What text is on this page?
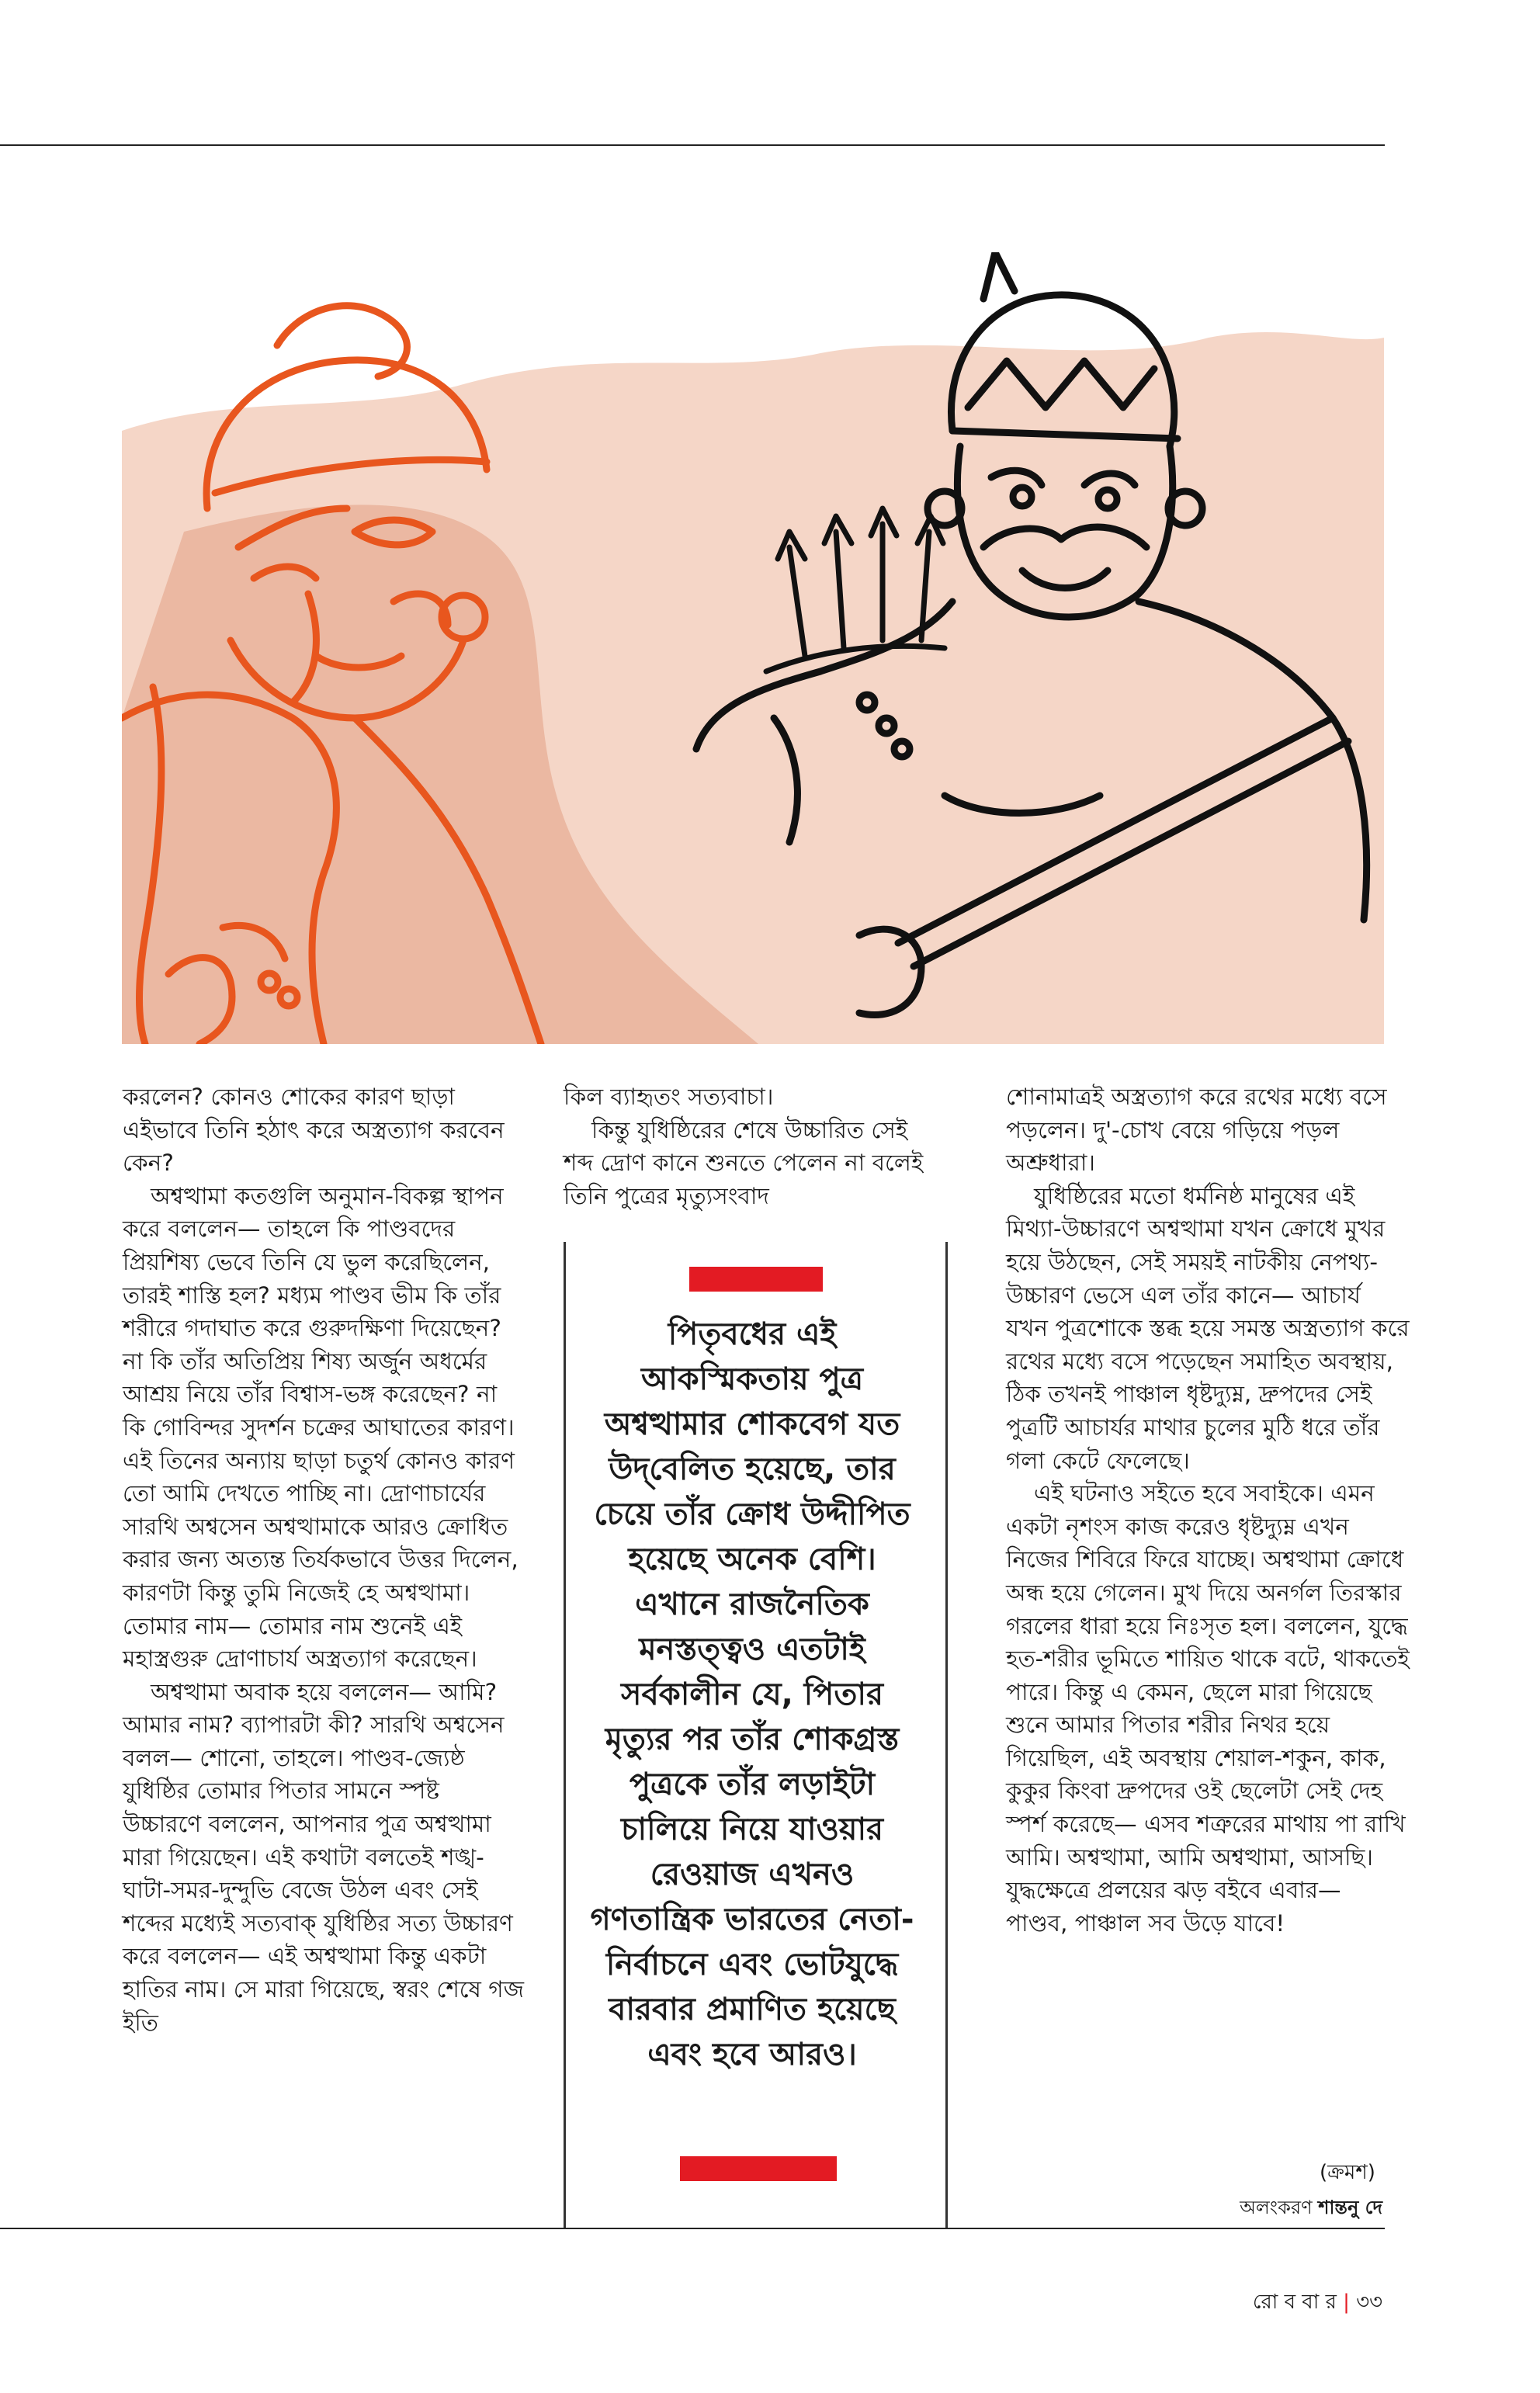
করলেন? কোনও শোকের কারণ ছাড়া এইভাবে তিনি হঠাৎ করে অস্ত্রত্যাগ করবেন কেন?

অশ্বত্থামা কতগুলি অনুমান-বিকল্প স্থাপন করে বললেন— তাহলে কি পাণ্ডবদের প্রিয়শিষ্য ভেবে তিনি যে ভুল করেছিলেন, তারই শাস্তি হল? মধ্যম পাণ্ডব ভীম কি তাঁর শরীরে গদাঘাত করে গুরুদক্ষিণা দিয়েছেন? না কি তাঁর অতিপ্রিয় শিষ্য অর্জুন অধর্মের আশ্রয় নিয়ে তাঁর বিশ্বাস-ভঙ্গ করেছেন? না কি গোবিন্দর সুদর্শন চক্রের আঘাতের কারণ। এই তিনের অন্যায় ছাড়া চতুর্থ কোনও কারণ তো আমি দেখতে পাচ্ছি না। দ্রোণাচার্যের সারথি অশ্বসেন অশ্বত্থামাকে আরও ক্রোধিত করার জন্য অত্যন্ত তির্যকভাবে উত্তর দিলেন, কারণটা কিন্তু তুমি নিজেই হে অশ্বত্থামা। তোমার নাম— তোমার নাম শুনেই এই মহাস্ত্রগুরু দ্রোণাচার্য অস্ত্রত্যাগ করেছেন।

অশ্বত্থামা অবাক হয়ে বললেন— আমি? আমার নাম? ব্যাপারটা কী? সারথি অশ্বসেন বলল— শোনো, তাহলে। পাণ্ডব-জ্যেষ্ঠ যুধিষ্ঠির তোমার পিতার সামনে স্পষ্ট উচ্চারণে বললেন, আপনার পুত্র অশ্বত্থামা মারা গিয়েছেন। এই কথাটা বলতেই শঙ্খ-ঘাটা-সমর-দুন্দুভি বেজে উঠল এবং সেই শব্দের মধ্যেই সত্যবাক্ যুধিষ্ঠির সত্য উচ্চারণ করে বললেন— এই অশ্বত্থামা কিন্তু একটা হাতির নাম। সে মারা গিয়েছে, স্বরং শেষে গজ ইতি

কিল ব্যাহৃতং সত্যবাচা।

কিন্তু যুধিষ্ঠিরের শেষে উচ্চারিত সেই শব্দ দ্রোণ কানে শুনতে পেলেন না বলেই তিনি পুত্রের মৃত্যুসংবাদ

পিতৃবধের এই আকস্মিকতায় পুত্র অশ্বত্থামার শোকবেগ যত উদ্‌বেলিত হয়েছে, তার চেয়ে তাঁর ক্রোধ উদ্দীপিত হয়েছে অনেক বেশি। এখানে রাজনৈতিক মনস্তত্ত্বও এতটাই সর্বকালীন যে, পিতার মৃত্যুর পর তাঁর শোকগ্রস্ত পুত্রকে তাঁর লড়াইটা চালিয়ে নিয়ে যাওয়ার রেওয়াজ এখনও গণতান্ত্রিক ভারতের নেতা-নির্বাচনে এবং ভোটযুদ্ধে বারবার প্রমাণিত হয়েছে এবং হবে আরও।

শোনামাত্রই অস্ত্রত্যাগ করে রথের মধ্যে বসে পড়লেন। দু'-চোখ বেয়ে গড়িয়ে পড়ল অশ্রুধারা।

যুধিষ্ঠিরের মতো ধর্মনিষ্ঠ মানুষের এই মিথ্যা-উচ্চারণে অশ্বত্থামা যখন ক্রোধে মুখর হয়ে উঠছেন, সেই সময়ই নাটকীয় নেপথ্য-উচ্চারণ ভেসে এল তাঁর কানে— আচার্য যখন পুত্রশোকে স্তব্ধ হয়ে সমস্ত অস্ত্রত্যাগ করে রথের মধ্যে বসে পড়েছেন সমাহিত অবস্থায়, ঠিক তখনই পাঞ্চাল ধৃষ্টদ্যুম্ন, দ্রুপদের সেই পুত্রটি আচার্যর মাথার চুলের মুঠি ধরে তাঁর গলা কেটে ফেলেছে।

এই ঘটনাও সইতে হবে সবাইকে। এমন একটা নৃশংস কাজ করেও ধৃষ্টদ্যুম্ন এখন নিজের শিবিরে ফিরে যাচ্ছে। অশ্বত্থামা ক্রোধে অন্ধ হয়ে গেলেন। মুখ দিয়ে অনর্গল তিরস্কার গরলের ধারা হয়ে নিঃসৃত হল। বললেন, যুদ্ধে হত-শরীর ভূমিতে শায়িত থাকে বটে, থাকতেই পারে। কিন্তু এ কেমন, ছেলে মারা গিয়েছে শুনে আমার পিতার শরীর নিথর হয়ে গিয়েছিল, এই অবস্থায় শেয়াল-শকুন, কাক, কুকুর কিংবা দ্রুপদের ওই ছেলেটা সেই দেহ স্পর্শ করেছে— এসব শত্রুরের মাথায় পা রাখি আমি। অশ্বত্থামা, আমি অশ্বত্থামা, আসছি। যুদ্ধক্ষেত্রে প্রলয়ের ঝড় বইবে এবার— পাণ্ডব, পাঞ্চাল সব উড়ে যাবে!

(ক্রমশ)
অলংকরণ শান্তনু দে
রো ব বা র | ৩৩
